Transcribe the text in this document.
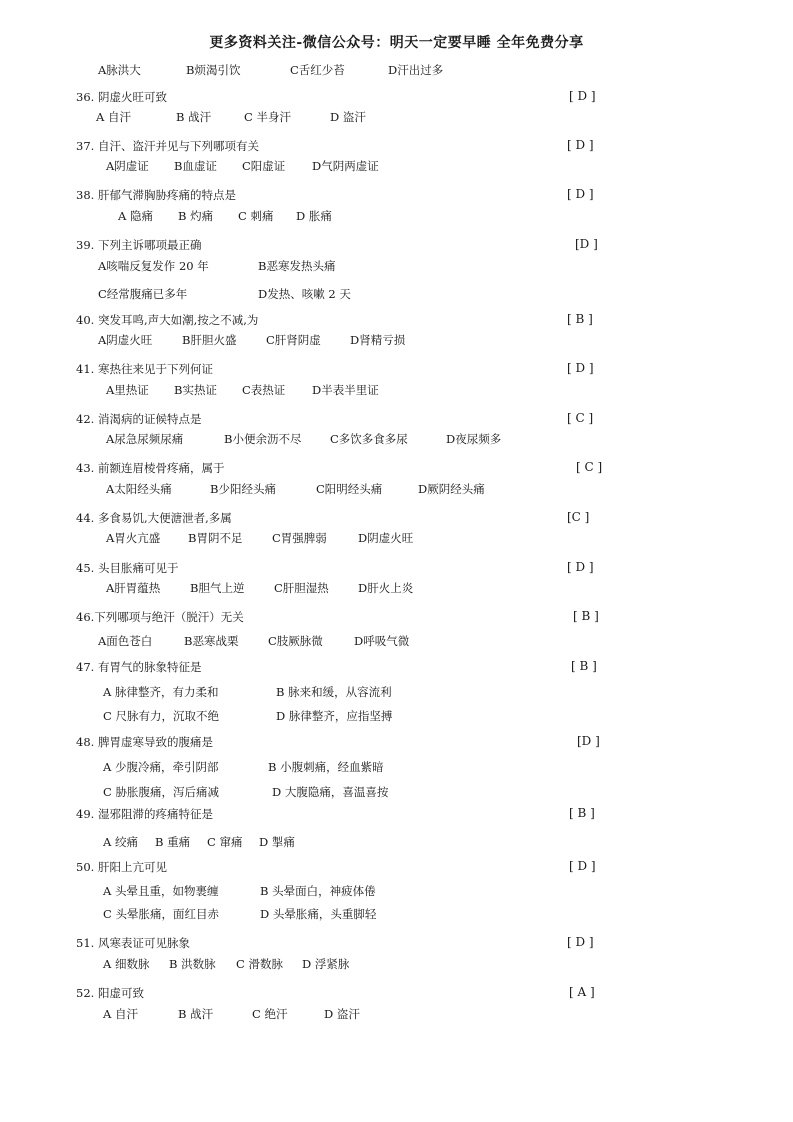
更多资料关注-微信公众号：明天一定要早睡 全年免费分享
A脉洪大	B烦渴引饮	C舌红少苔	D汗出过多
36. 阴虚火旺可致	[ D ]
A 自汗	B 战汗	C 半身汗	D 盗汗
37. 自汗、盗汗并见与下列哪项有关	[ D ]
A阴虚证 B血虚证 C阳虚证 D气阴两虚证
38. 肝郁气滞胸胁疼痛的特点是	[ D ]
A 隐痛 B 灼痛 C 刺痛 D 胀痛
39. 下列主诉哪项最正确	[D ]
A咳喘反复发作 20 年	B恶寒发热头痛
C经常腹痛已多年	D发热、咳嗽 2 天
40. 突发耳鸣,声大如潮,按之不减,为	[ B ]
A阴虚火旺	B肝胆火盛	C肝肾阴虚	D肾精亏损
41. 寒热往来见于下列何证	[ D ]
A里热证 B实热证 C表热证 D半表半里证
42. 消渴病的证候特点是	[ C ]
A尿急尿频尿痛	B小便余沥不尽 C多饮多食多尿	D夜尿频多
43. 前额连眉棱骨疼痛，属于	[ C ]
A太阳经头痛	B少阳经头痛	C阳明经头痛	D厥阴经头痛
44. 多食易饥,大便溏泄者,多属	[C ]
A胃火亢盛 B胃阴不足	C胃强脾弱	D阴虚火旺
45. 头目胀痛可见于	[ D ]
A肝胃蕴热	B胆气上逆	C肝胆湿热	D肝火上炎
46.下列哪项与绝汗（脱汗）无关	[ B ]
A面色苍白	B恶寒战栗	C肢厥脉微	D呼吸气微
47. 有胃气的脉象特征是	[ B ]
A 脉律整齐，有力柔和	B 脉来和缓，从容流利
C 尺脉有力，沉取不绝	D 脉律整齐，应指坚搏
48. 脾胃虚寒导致的腹痛是	[D ]
A 少腹冷痛，牵引阴部	B 小腹刺痛，经血紫暗
C 胁胀腹痛，泻后痛减	D 大腹隐痛，喜温喜按
49. 湿邪阻滞的疼痛特征是	[ B ]
A 绞痛 B 重痛 C 窜痛 D 掣痛
50. 肝阳上亢可见	[ D ]
A 头晕且重，如物裹缠	B 头晕面白，神疲体倦
C 头晕胀痛，面红目赤	D 头晕胀痛，头重脚轻
51. 风寒表证可见脉象	[ D ]
A 细数脉 B 洪数脉 C 滑数脉 D 浮紧脉
52. 阳虚可致	[ A ]
A 自汗	B 战汗	C 绝汗	D 盗汗
